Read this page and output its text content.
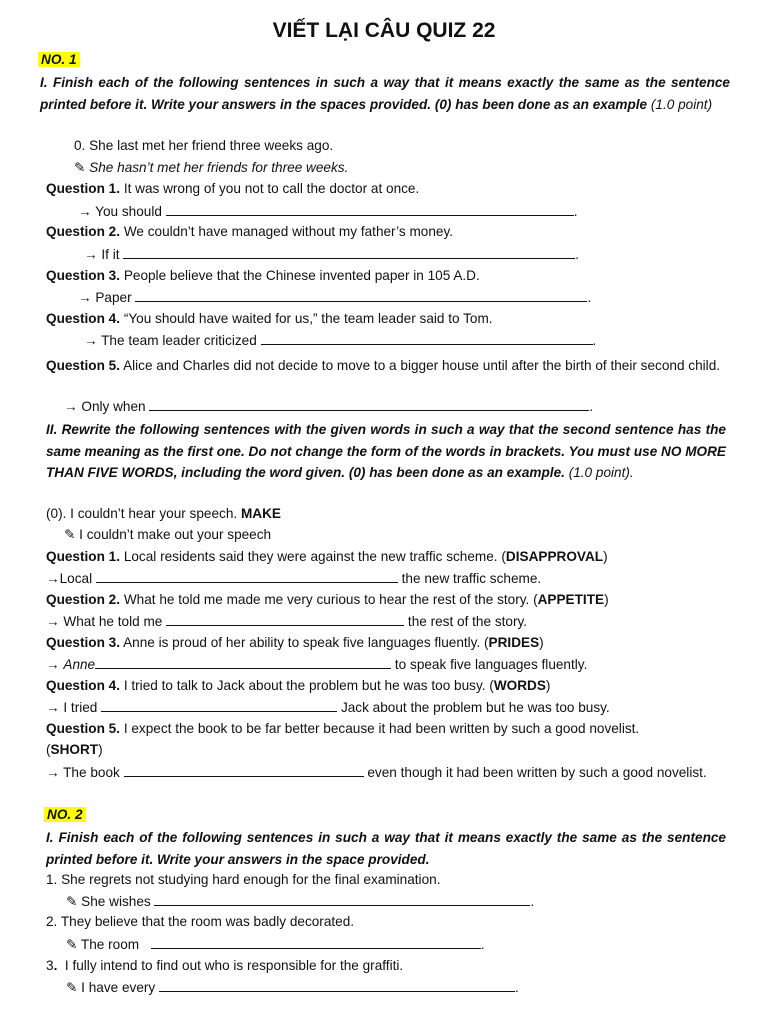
VIẾT LẠI CÂU QUIZ 22
NO. 1
I. Finish each of the following sentences in such a way that it means exactly the same as the sentence printed before it. Write your answers in the spaces provided. (0) has been done as an example (1.0 point)
0. She last met her friend three weeks ago.
✎ She hasn’t met her friends for three weeks.
Question 1. It was wrong of you not to call the doctor at once.
→ You should	.
Question 2. We couldn’t have managed without my father’s money.
→ If it	.
Question 3. People believe that the Chinese invented paper in 105 A.D.
→ Paper	.
Question 4. “You should have waited for us,” the team leader said to Tom.
→ The team leader criticized	.
Question 5. Alice and Charles did not decide to move to a bigger house until after the birth of their second child.
→ Only when	.
II. Rewrite the following sentences with the given words in such a way that the second sentence has the same meaning as the first one. Do not change the form of the words in brackets. You must use NO MORE THAN FIVE WORDS, including the word given. (0) has been done as an example. (1.0 point).
(0). I couldn’t hear your speech. MAKE
✎ I couldn’t make out your speech
Question 1. Local residents said they were against the new traffic scheme. (DISAPPROVAL)
→Local	the new traffic scheme.
Question 2. What he told me made me very curious to hear the rest of the story. (APPETITE)
→ What he told me	the rest of the story.
Question 3. Anne is proud of her ability to speak five languages fluently. (PRIDES)
→ Anne	to speak five languages fluently.
Question 4. I tried to talk to Jack about the problem but he was too busy. (WORDS)
→ I tried	Jack about the problem but he was too busy.
Question 5. I expect the book to be far better because it had been written by such a good novelist.
(SHORT)
→ The book	even though it had been written by such a good novelist.
NO. 2
I. Finish each of the following sentences in such a way that it means exactly the same as the sentence printed before it. Write your answers in the space provided.
1. She regrets not studying hard enough for the final examination.
✎ She wishes	.
2. They believe that the room was badly decorated.
✎ The room	.
3.  I fully intend to find out who is responsible for the graffiti.
✎ I have every	.
